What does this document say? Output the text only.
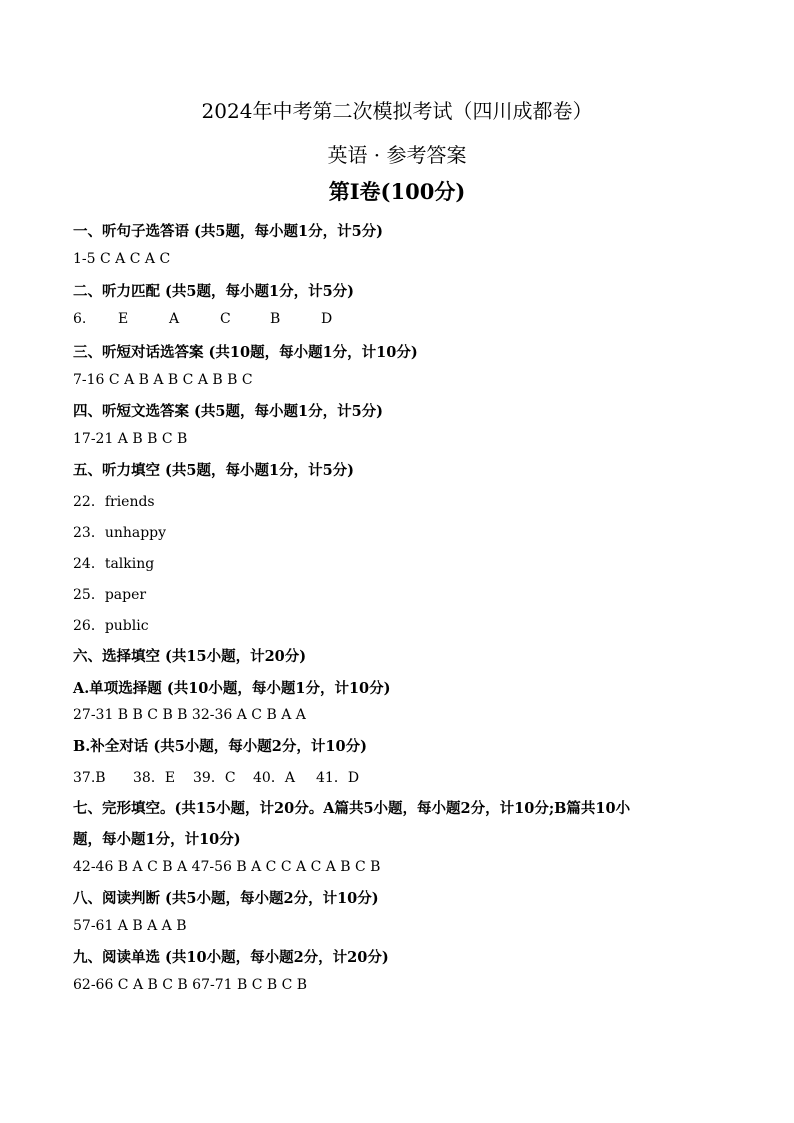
2024年中考第二次模拟考试（四川成都卷）
英语 · 参考答案
第Ⅰ卷(100分)
一、听句子选答语 (共5题，每小题1分，计5分)
1-5 C A C A C
二、听力匹配 (共5题，每小题1分，计5分)
6. E	A	C	B	D
三、听短对话选答案 (共10题，每小题1分，计10分)
7-16 C A B A B C A B B C
四、听短文选答案 (共5题，每小题1分，计5分)
17-21 A B B C B
五、听力填空 (共5题，每小题1分，计5分)
22．friends
23．unhappy
24．talking
25．paper
26．public
六、选择填空 (共15小题，计20分)
A.单项选择题 (共10小题，每小题1分，计10分)
27-31 B B C B B 32-36 A C B A A
B.补全对话 (共5小题，每小题2分，计10分)
37.B 38．E 39．C 40．A 41．D
七、完形填空。(共15小题，计20分。A篇共5小题，每小题2分，计10分;B篇共10小
题，每小题1分，计10分)
42-46 B A C B A 47-56 B A C C A C A B C B
八、阅读判断 (共5小题，每小题2分，计10分)
57-61 A B A A B
九、阅读单选 (共10小题，每小题2分，计20分)
62-66 C A B C B 67-71 B C B C B
